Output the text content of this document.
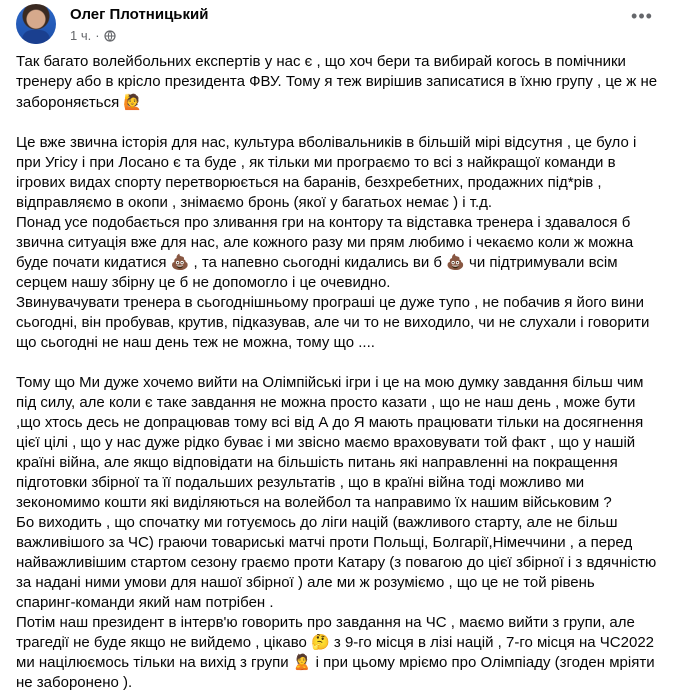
Олег Плотницький
1 ч. ·
•••

Так багато волейбольних експертів у нас є , що хоч бери та вибирай когось в помічники тренеру або в крісло президента ФВУ. Тому я теж вирішив записатися в їхню групу , це ж не забороняється 🙋

Це вже звична історія для нас, культура вболівальників в більшій мірі відсутня , це було і при Угісу і при Лосано є та буде , як тільки ми програємо то всі з найкращої команди в ігрових видах спорту перетворюється на баранів, безхребетних, продажних під*рів , відправляємо в окопи , знімаємо бронь (якої у багатьох немає ) і т.д.

Понад усе подобається про зливання гри на контору та відставка тренера і здавалося б звична ситуація вже для нас, але кожного разу ми прям любимо і чекаємо коли ж можна буде почати кидатися 💩 , та напевно сьогодні кидались ви б 💩 чи підтримували всім серцем нашу збірну це б не допомогло і це очевидно.

Звинувачувати тренера в сьогоднішньому програші це дуже тупо , не побачив я його вини сьогодні, він пробував, крутив, підказував, але чи то не виходило, чи не слухали і говорити що сьогодні не наш день теж не можна, тому що ....

Тому що Ми дуже хочемо вийти на Олімпійські ігри і це на мою думку завдання більш чим під силу, але коли є таке завдання не можна просто казати , що не наш день , може бути ,що хтось десь не допрацював тому всі від А до Я мають працювати тільки на досягнення цієї цілі , що у нас дуже рідко буває і ми звісно маємо враховувати той факт , що у нашій країні війна, але якщо відповідати на більшість питань які направленні на покращення підготовки збірної та її подальших результатів , що в країні війна тоді можливо ми зекономимо кошти які виділяються на волейбол та направимо їх нашим військовим ?

Бо виходить , що спочатку ми готуємось до ліги націй (важливого старту, але не більш важливішого за ЧС) граючи товариські матчі проти Польщі, Болгарії,Німеччини , а перед найважливішим стартом сезону граємо проти Катару (з повагою до цієї збірної і з вдячністю за надані ними умови для нашої збірної ) але ми ж розуміємо , що це не той рівень спаринг-команди який нам потрібен .

Потім наш президент в інтерв'ю говорить про завдання на ЧС , маємо вийти з групи, але трагедії не буде якщо не вийдемо , цікаво 🤔 з 9-го місця в лізі націй , 7-го місця на ЧС2022 ми націлюємось тільки на вихід з групи 🙎 і при цьому мріємо про Олімпіаду (згоден мріяти не заборонено ).
